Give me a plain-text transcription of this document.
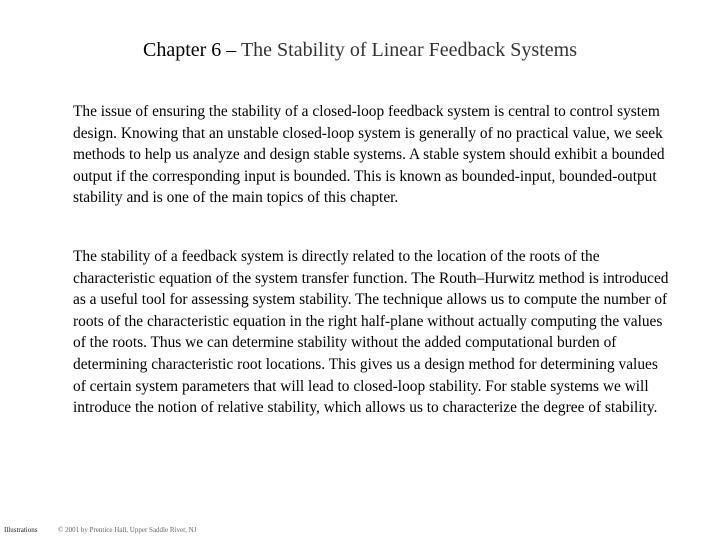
Chapter 6 – The Stability of Linear Feedback Systems

The issue of ensuring the stability of a closed-loop feedback system is central to control system design. Knowing that an unstable closed-loop system is generally of no practical value, we seek methods to help us analyze and design stable systems. A stable system should exhibit a bounded output if the corresponding input is bounded. This is known as bounded-input, bounded-output stability and is one of the main topics of this chapter.

The stability of a feedback system is directly related to the location of the roots of the characteristic equation of the system transfer function. The Routh–Hurwitz method is introduced as a useful tool for assessing system stability. The technique allows us to compute the number of roots of the characteristic equation in the right half-plane without actually computing the values of the roots. Thus we can determine stability without the added computational burden of determining characteristic root locations. This gives us a design method for determining values of certain system parameters that will lead to closed-loop stability. For stable systems we will introduce the notion of relative stability, which allows us to characterize the degree of stability.

Illustrations	© 2001 by Prentice Hall, Upper Saddle River, NJ
